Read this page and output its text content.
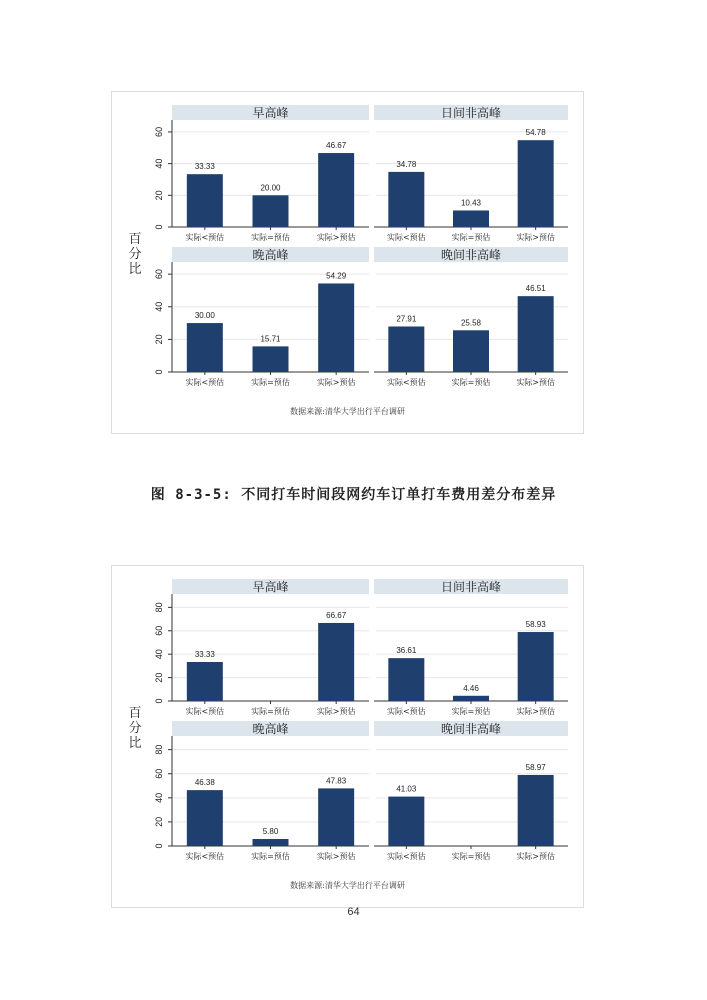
早高峰
0
20
40
60
33.33
实际<预估
20.00
实际=预估
46.67
实际>预估
日间非高峰
34.78
实际<预估
10.43
实际=预估
54.78
实际>预估
晚高峰
0
20
40
60
30.00
实际<预估
15.71
实际=预估
54.29
实际>预估
晚间非高峰
27.91
实际<预估
25.58
实际=预估
46.51
实际>预估
百分比
数据来源:清华大学出行平台调研
图 8-3-5: 不同打车时间段网约车订单打车费用差分布差异
早高峰
0
20
40
60
80
33.33
实际<预估	实际=预估
66.67
实际>预估
日间非高峰
36.61
实际<预估
4.46
实际=预估
58.93
实际>预估
晚高峰
0
20
40
60
80
46.38
实际<预估
5.80
实际=预估
47.83
实际>预估
晚间非高峰
41.03
实际<预估	实际=预估
58.97
实际>预估
百分比
数据来源:清华大学出行平台调研
64
